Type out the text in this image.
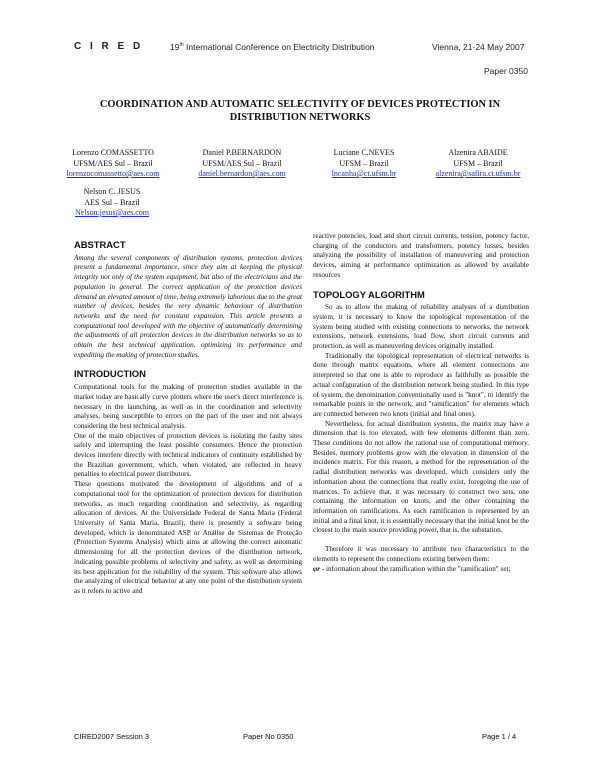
C I R E D	19th International Conference on Electricity Distribution	Vienna, 21-24 May 2007
Paper 0350
COORDINATION AND AUTOMATIC SELECTIVITY OF DEVICES PROTECTION IN DISTRIBUTION NETWORKS
Lorenzo COMASSETTO
UFSM/AES Sul – Brazil
lorenzocomassetto@aes.com
Daniel P.BERNARDON
UFSM/AES Sul – Brazil
daniel.bernardon@aes.com
Luciane C.NEVES
UFSM – Brazil
lncanha@ct.ufsm.br
Alzenira ABAIDE
UFSM – Brazil
alzenira@safira.ct.ufsm.br
Nelson C. JESUS
AES Sul – Brazil
Nelson.jesus@aes.com
ABSTRACT

Among the several components of distribution systems, protection devices present a fundamental importance, since they aim at keeping the physical integrity not only of the system equipment, but also of the electricians and the population in general. The correct application of the protection devices demand an elevated amount of time, being extremely laborious due to the great number of devices, besides the very dynamic behaviour of distribution networks and the need for constant expansion. This article presents a computational tool developed with the objective of automatically determining the adjustments of all protection devices in the distribution networks so as to obtain the best technical application, optimizing its performance and expediting the making of protection studies.

INTRODUCTION

Computational tools for the making of protection studies available in the market today are basically curve plotters where the user's direct interference is necessary in the launching, as well as in the coordination and selectivity analyses, being susceptible to errors on the part of the user and not always considering the best technical analysis.

One of the main objectives of protection devices is isolating the faulty sites safely and interrupting the least possible consumers. Hence the protection devices interfere directly with technical indicators of continuity established by the Brazilian government, which, when violated, are reflected in heavy penalties to electrical power distributors.

These questions motivated the development of algorithms and of a computational tool for the optimization of protection devices for distribution networks, as much regarding coordination and selectivity, as regarding allocation of devices. At the Universidade Federal de Santa Maria (Federal University of Santa Maria, Brazil), there is presently a software being developed, which is denominated ASP or Análise de Sistemas de Proteção (Protection Systems Analysis) which aims at allowing the correct automatic dimensioning for all the protection devices of the distribution network, indicating possible problems of selectivity and safety, as well as determining its best application for the reliability of the system. This software also allows the analyzing of electrical behavior at any one point of the distribution system as it refers to active and

reactive potencies, load and short circuit currents, tension, potency factor, charging of the conductors and transformers, potency losses, besides analyzing the possibility of installation of maneuvering and protection devices, aiming at performance optimization as allowed by available resources

TOPOLOGY ALGORITHM

So as to allow the making of reliability analyses of a distribution system, it is necessary to know the topological representation of the system being studied with existing connections to networks, the network extensions, network extensions, load flow, short circuit currents and protection, as well as maneuvering devices originally installed.

Traditionally the topological representation of electrical networks is done through matrix equations, where all element connections are interpreted so that one is able to reproduce as faithfully as possible the actual configuration of the distribution network being studied. In this type of system, the denomination conventionally used is "knot", to identify the remarkable points in the network, and "ramification" for elements which are connected between two knots (initial and final ones).

Nevertheless, for actual distribution systems, the matrix may have a dimension that is too elevated, with few elements different than zero. These conditions do not allow the rational use of computational memory. Besides, memory problems grow with the elevation in dimension of the incidence matrix. For this reason, a method for the representation of the radial distribution networks was developed, which considers only the information about the connections that really exist, foregoing the use of matrices. To achieve that, it was necessary to construct two sets, one containing the information on knots, and the other containing the information on ramifications. As each ramification is represented by an initial and a final knot, it is essentially necessary that the initial knot be the closest to the main source providing power, that is, the substation.

Therefore it was necessary to attribute two characteristics to the elements to represent the connections existing between them:

φr - information about the ramification within the "ramification" set;

CIRED2007 Session 3	Paper No 0350	Page 1 / 4
